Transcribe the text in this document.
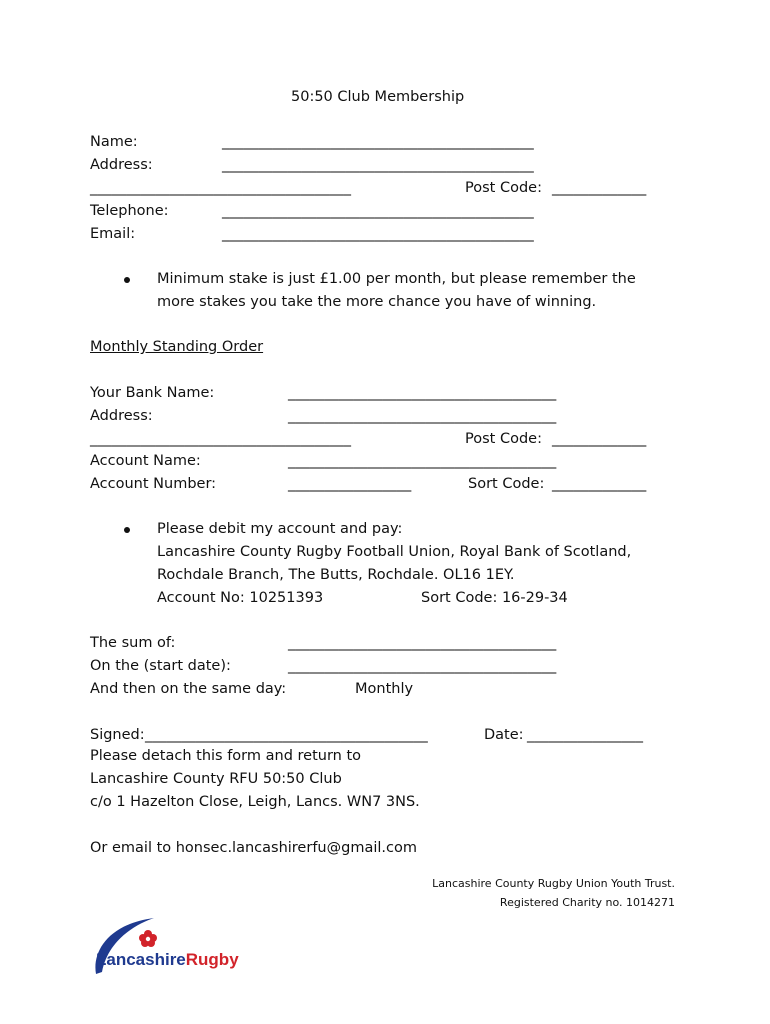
50:50 Club Membership
Name:	___________________________________________
Address:	___________________________________________
____________________________________	Post Code: _____________
Telephone:	___________________________________________
Email:	___________________________________________
Minimum stake is just £1.00 per month, but please remember the
more stakes you take the more chance you have of winning.
Monthly Standing Order
Your Bank Name:	_____________________________________
Address:	_____________________________________
____________________________________	Post Code: _____________
Account Name:	_____________________________________
Account Number:	_________________	Sort Code: _____________
Please debit my account and pay:
Lancashire County Rugby Football Union, Royal Bank of Scotland,
Rochdale Branch, The Butts, Rochdale. OL16 1EY.
Account No: 10251393	Sort Code: 16-29-34
The sum of:	_____________________________________
On the (start date):	_____________________________________
And then on the same day:	Monthly
Signed: _______________________________________	Date: ________________
Please detach this form and return to
Lancashire County RFU 50:50 Club
c/o 1 Hazelton Close, Leigh, Lancs. WN7 3NS.
Or email to honsec.lancashirerfu@gmail.com
Lancashire County Rugby Union Youth Trust.
Registered Charity no. 1014271
LancashireRugby
